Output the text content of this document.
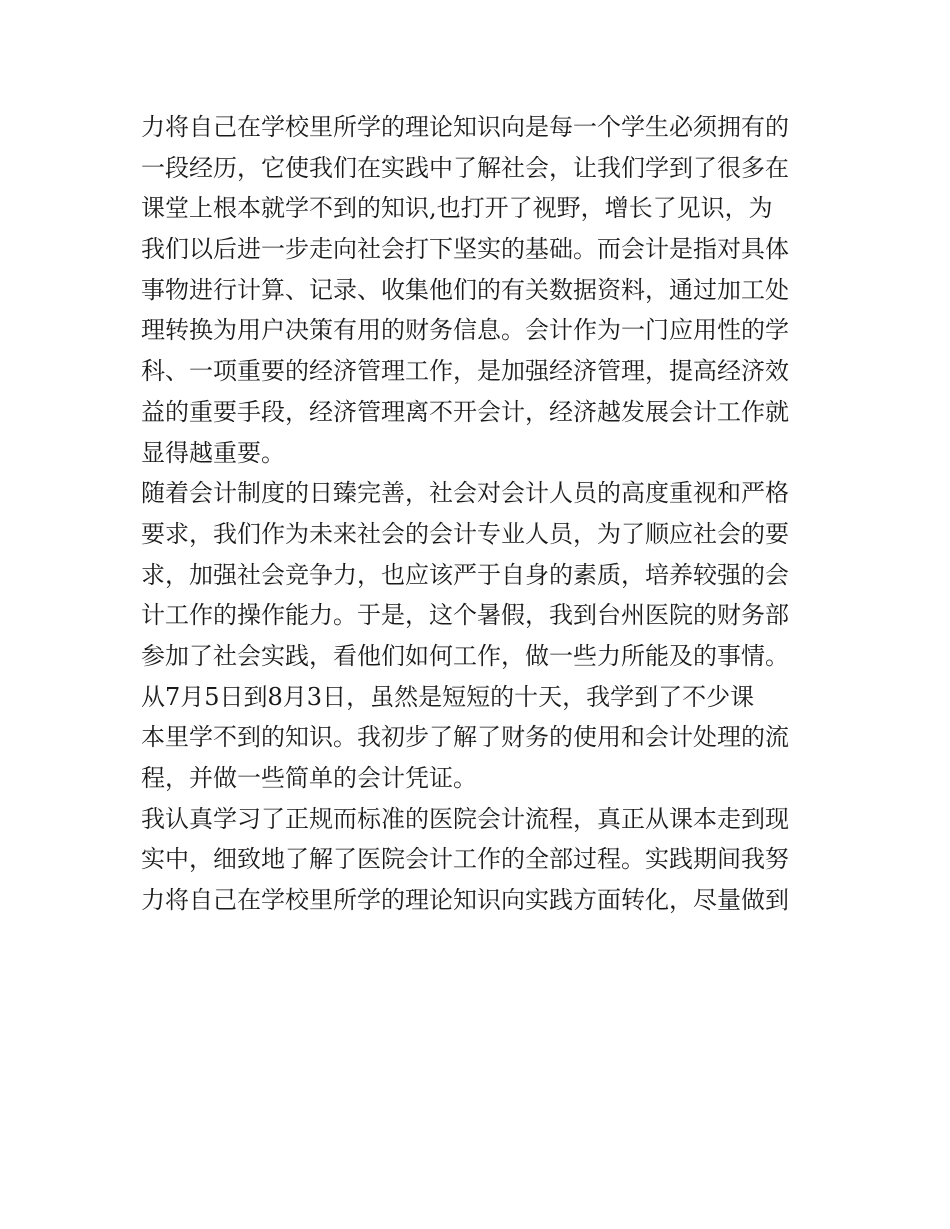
力将自己在学校里所学的理论知识向是每一个学生必须拥有的
一段经历，它使我们在实践中了解社会，让我们学到了很多在
课堂上根本就学不到的知识,也打开了视野，增长了见识，为
我们以后进一步走向社会打下坚实的基础。而会计是指对具体
事物进行计算、记录、收集他们的有关数据资料，通过加工处
理转换为用户决策有用的财务信息。会计作为一门应用性的学
科、一项重要的经济管理工作，是加强经济管理，提高经济效
益的重要手段，经济管理离不开会计，经济越发展会计工作就
显得越重要。
随着会计制度的日臻完善，社会对会计人员的高度重视和严格
要求，我们作为未来社会的会计专业人员，为了顺应社会的要
求，加强社会竞争力，也应该严于自身的素质，培养较强的会
计工作的操作能力。于是，这个暑假，我到台州医院的财务部
参加了社会实践，看他们如何工作，做一些力所能及的事情。
从7月5日到8月3日，虽然是短短的十天，我学到了不少课
本里学不到的知识。我初步了解了财务的使用和会计处理的流
程，并做一些简单的会计凭证。
我认真学习了正规而标准的医院会计流程，真正从课本走到现
实中，细致地了解了医院会计工作的全部过程。实践期间我努
力将自己在学校里所学的理论知识向实践方面转化，尽量做到
